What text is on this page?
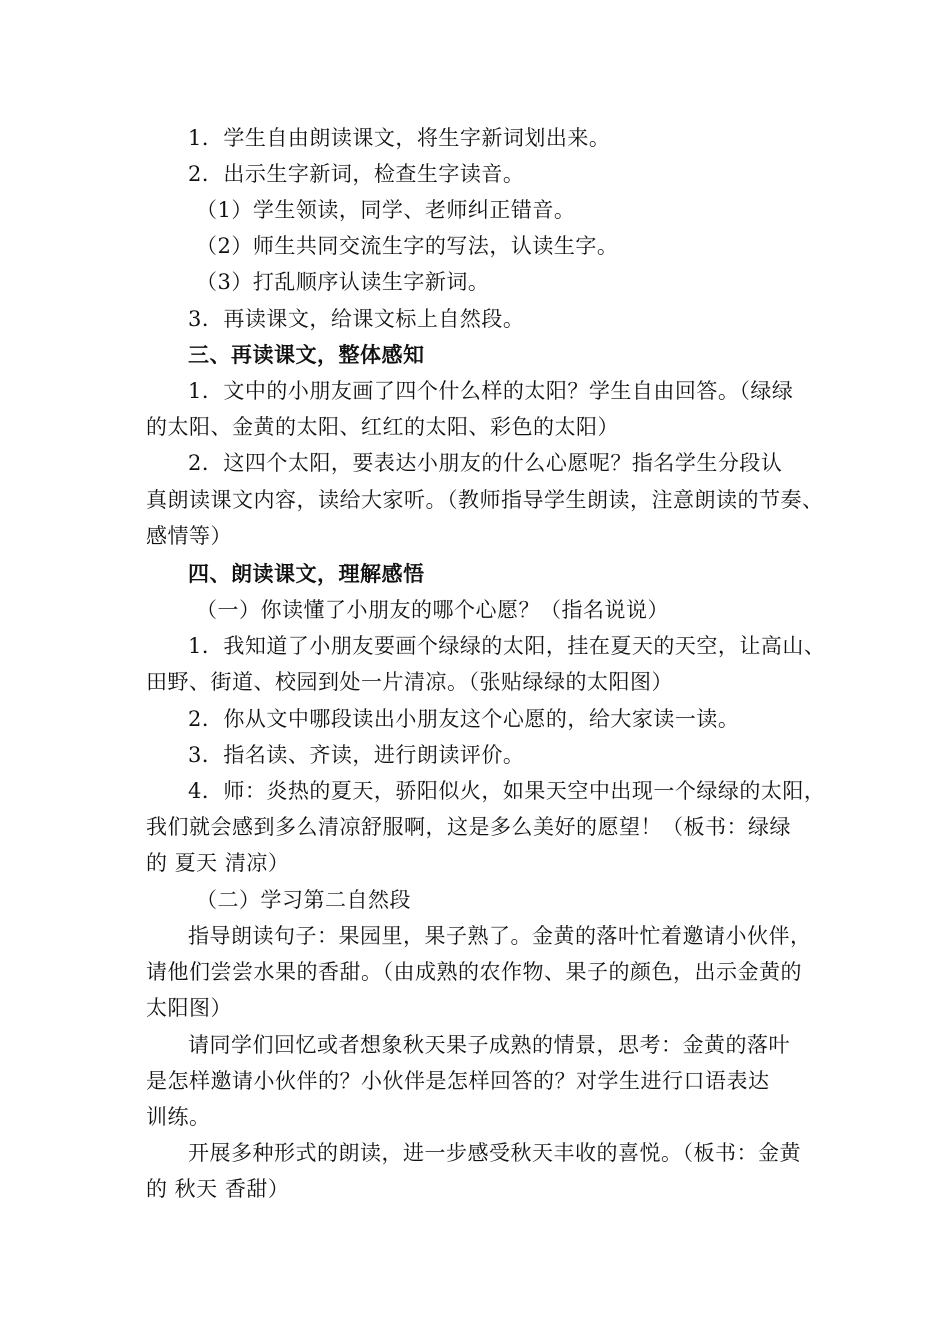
1．学生自由朗读课文，将生字新词划出来。
2．出示生字新词，检查生字读音。
（1）学生领读，同学、老师纠正错音。
（2）师生共同交流生字的写法，认读生字。
（3）打乱顺序认读生字新词。
3．再读课文，给课文标上自然段。
三、再读课文，整体感知
1．文中的小朋友画了四个什么样的太阳？学生自由回答。（绿绿
的太阳、金黄的太阳、红红的太阳、彩色的太阳）
2．这四个太阳，要表达小朋友的什么心愿呢？指名学生分段认
真朗读课文内容，读给大家听。（教师指导学生朗读，注意朗读的节奏、
感情等）
四、朗读课文，理解感悟
（一）你读懂了小朋友的哪个心愿？（指名说说）
1．我知道了小朋友要画个绿绿的太阳，挂在夏天的天空，让高山、
田野、街道、校园到处一片清凉。（张贴绿绿的太阳图）
2．你从文中哪段读出小朋友这个心愿的，给大家读一读。
3．指名读、齐读，进行朗读评价。
4．师：炎热的夏天，骄阳似火，如果天空中出现一个绿绿的太阳，
我们就会感到多么清凉舒服啊，这是多么美好的愿望！（板书：绿绿
的 夏天 清凉）
（二）学习第二自然段
指导朗读句子：果园里，果子熟了。金黄的落叶忙着邀请小伙伴，
请他们尝尝水果的香甜。（由成熟的农作物、果子的颜色，出示金黄的
太阳图）
请同学们回忆或者想象秋天果子成熟的情景，思考：金黄的落叶
是怎样邀请小伙伴的？小伙伴是怎样回答的？对学生进行口语表达
训练。
开展多种形式的朗读，进一步感受秋天丰收的喜悦。（板书：金黄
的 秋天 香甜）
